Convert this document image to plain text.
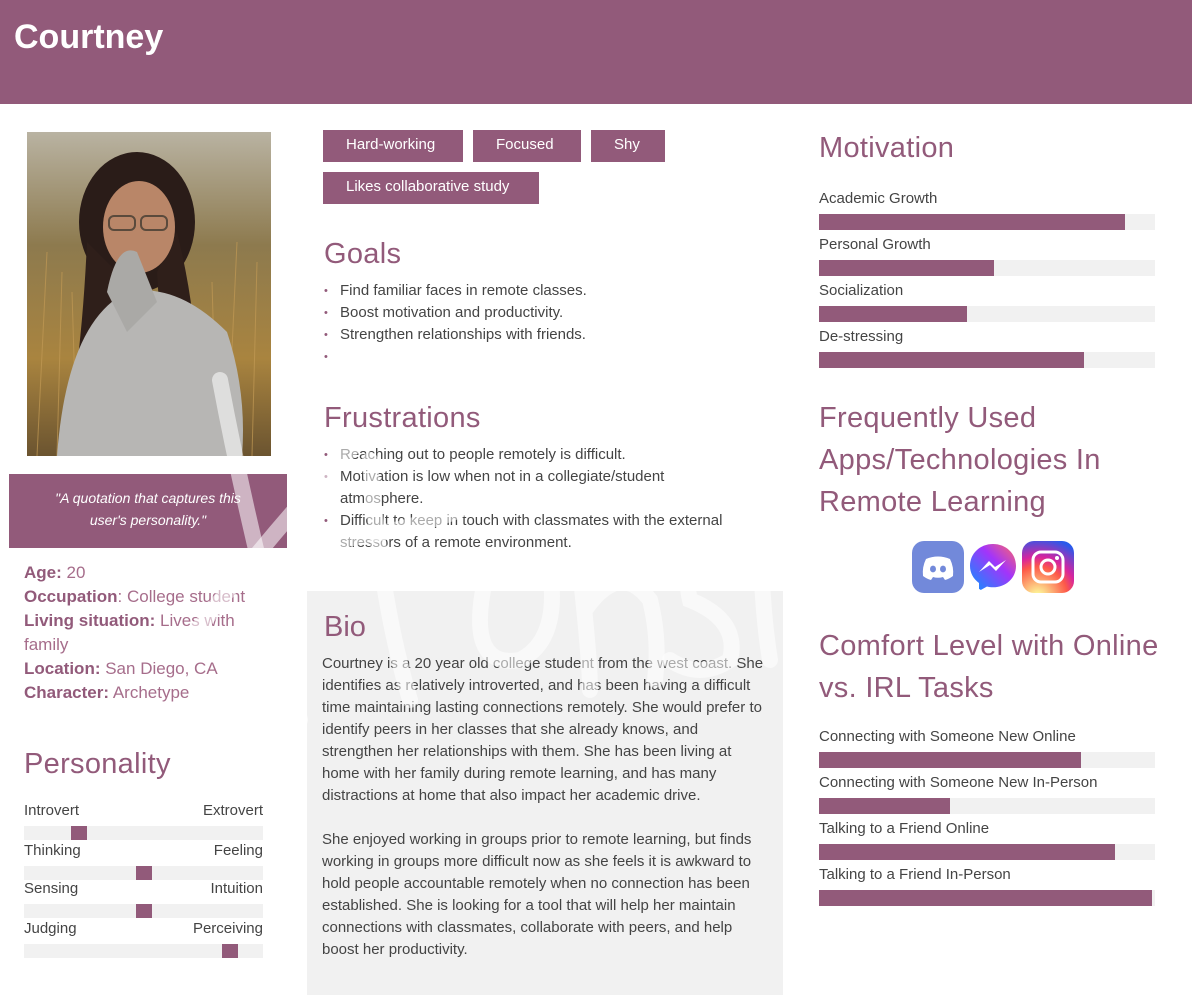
Courtney
"A quotation that captures this user's personality."
Age: 20
Occupation: College student
Living situation: Lives with family
Location: San Diego, CA
Character: Archetype
Personality
Introvert	Extrovert
Thinking	Feeling
Sensing	Intuition
Judging	Perceiving
Hard-working	Focused	Shy
Likes collaborative study
Goals
• Find familiar faces in remote classes.
• Boost motivation and productivity.
• Strengthen relationships with friends.
•
Frustrations
• Reaching out to people remotely is difficult.
• Motivation is low when not in a collegiate/student atmosphere.
• Difficult to keep in touch with classmates with the external stressors of a remote environment.
Bio

Courtney is a 20 year old college student from the west coast. She identifies as relatively introverted, and has been having a difficult time maintaining lasting connections remotely. She would prefer to identify peers in her classes that she already knows, and strengthen her relationships with them. She has been living at home with her family during remote learning, and has many distractions at home that also impact her academic drive.

She enjoyed working in groups prior to remote learning, but finds working in groups more difficult now as she feels it is awkward to hold people accountable remotely when no connection has been established. She is looking for a tool that will help her maintain connections with classmates, collaborate with peers, and help boost her productivity.

Motivation
Academic Growth
Personal Growth
Socialization
De-stressing
Frequently Used Apps/Technologies In Remote Learning
Comfort Level with Online vs. IRL Tasks
Connecting with Someone New Online
Connecting with Someone New In-Person
Talking to a Friend Online
Talking to a Friend In-Person
